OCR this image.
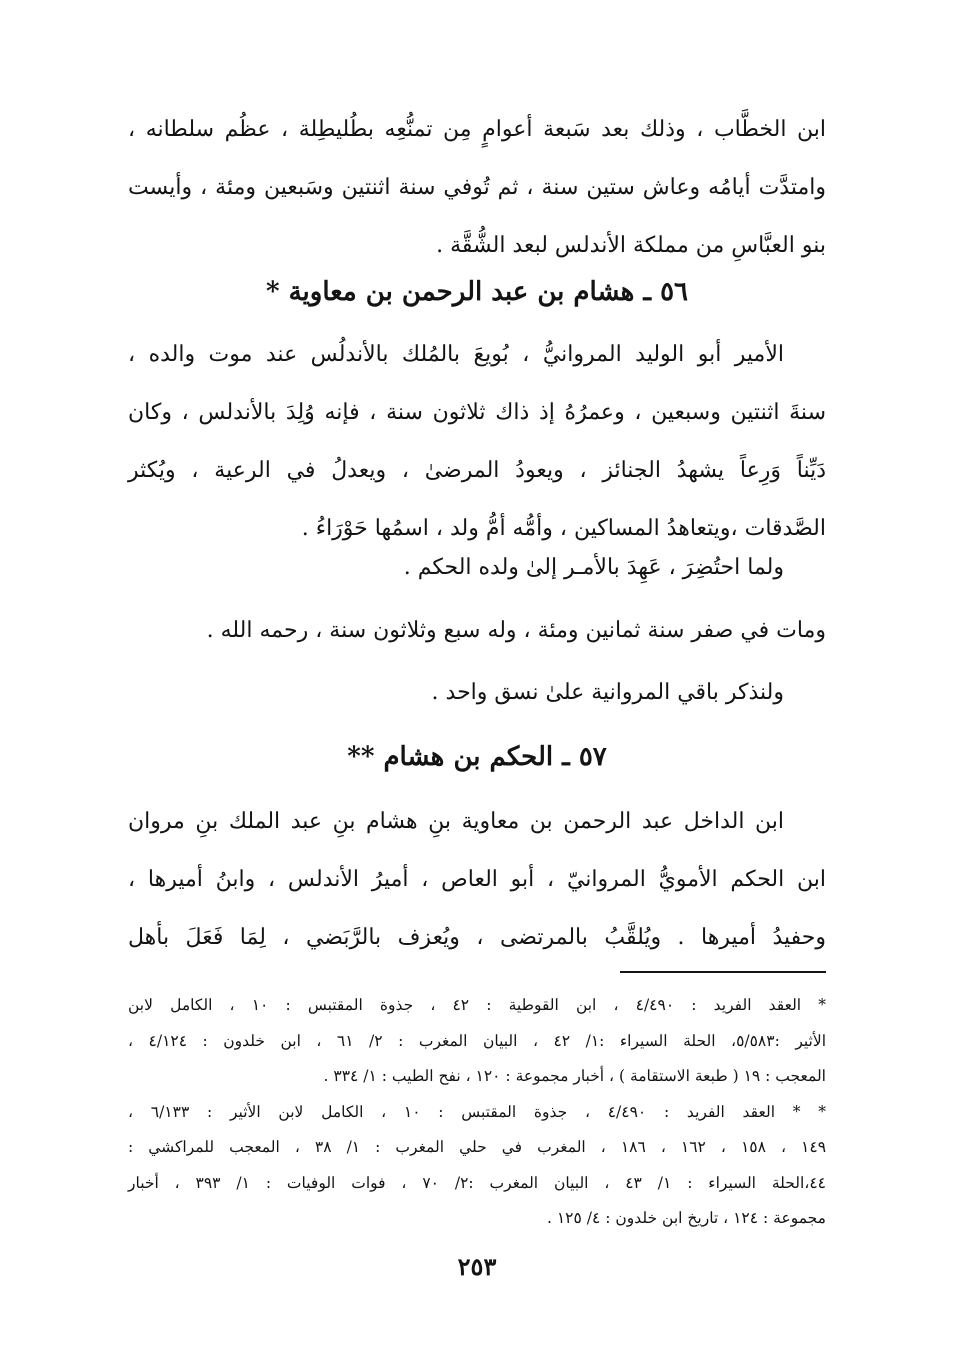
ابن الخطَّاب ، وذلك بعد سَبعة أعوامٍ مِن تمنُّعِه بطُليطِلة ، عظُم سلطانه ،
وامتدَّت أيامُه وعاش ستين سنة ، ثم تُوفي سنة اثنتين وسَبعين ومئة ، وأيست
بنو العبَّاسِ من مملكة الأندلس لبعد الشُّقَّة .
٥٦ ـ هشام بن عبد الرحمن بن معاوية *
الأمير أبو الوليد المروانيُّ ، بُويعَ بالمُلك بالأندلُس عند موت والده ،
سنةَ اثنتين وسبعين ، وعمرُهُ إذ ذاك ثلاثون سنة ، فإنه وُلِدَ بالأندلس ، وكان
دَيِّناً وَرِعاً يشهدُ الجنائز ، ويعودُ المرضىٰ ، ويعدلُ في الرعية ، ويُكثر
الصَّدقات ،ويتعاهدُ المساكين ، وأمُّه أمُّ ولد ، اسمُها حَوْرَاءُ .
ولما احتُضِرَ ، عَهِدَ بالأمـر إلىٰ ولده الحكم .
ومات في صفر سنة ثمانين ومئة ، وله سبع وثلاثون سنة ، رحمه الله .
ولنذكر باقي المروانية علىٰ نسق واحد .
٥٧ ـ الحكم بن هشام **
ابن الداخل عبد الرحمن بن معاوية بنِ هشام بنِ عبد الملك بنِ مروان
ابن الحكم الأمويُّ المروانيّ ، أبو العاص ، أميرُ الأندلس ، وابنُ أميرها ،
وحفيدُ أميرها . ويُلقَّبُ بالمرتضى ، ويُعزف بالرَّبَضي ، لِمَا فَعَلَ بأهل
* العقد الفريد : ٤/٤٩٠ ، ابن القوطية : ٤٢ ، جذوة المقتبس : ١٠ ، الكامل لابن
الأثير :٥/٥٨٣، الحلة السيراء :١/ ٤٢ ، البيان المغرب : ٢/ ٦١ ، ابن خلدون : ٤/١٢٤ ،
المعجب : ١٩ ( طبعة الاستقامة ) ، أخبار مجموعة : ١٢٠ ، نفح الطيب : ١/ ٣٣٤ .
* * العقد الفريد : ٤/٤٩٠ ، جذوة المقتبس : ١٠ ، الكامل لابن الأثير : ٦/١٣٣ ،
١٤٩ ، ١٥٨ ، ١٦٢ ، ١٨٦ ، المغرب في حلي المغرب : ١/ ٣٨ ، المعجب للمراكشي :
٤٤،الحلة السيراء : ١/ ٤٣ ، البيان المغرب :٢/ ٧٠ ، فوات الوفيات : ١/ ٣٩٣ ، أخبار
مجموعة : ١٢٤ ، تاريخ ابن خلدون : ٤/ ١٢٥ .
٢٥٣
